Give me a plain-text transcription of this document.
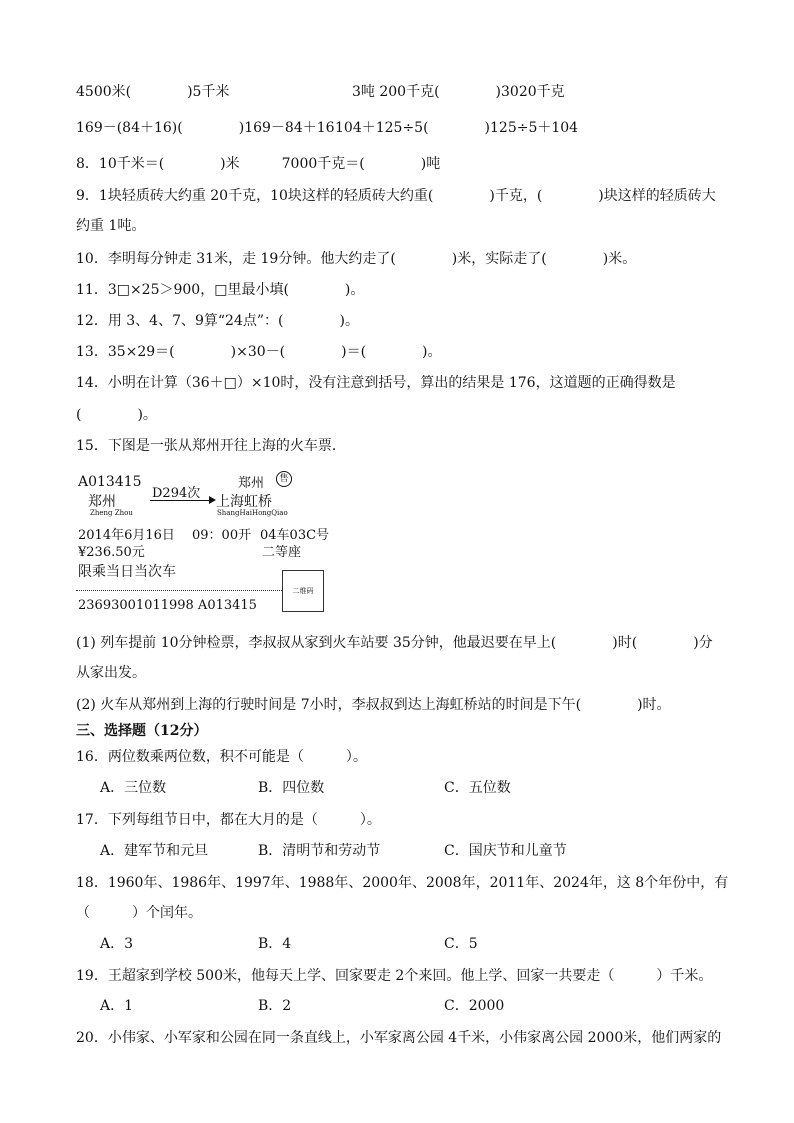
4500米(　　　　)5千米	3吨 200千克(　　　　)3020千克
169－(84＋16)(　　　　)169－84＋16 104＋125÷5(　　　　)125÷5＋104
8．10千米＝(　　　　)米　　　7000千克＝(　　　　)吨
9．1块轻质砖大约重 20千克，10块这样的轻质砖大约重(　　　　)千克，(　　　　)块这样的轻质砖大
约重 1吨。
10．李明每分钟走 31米，走 19分钟。他大约走了(　　　　)米，实际走了(　　　　)米。
11．3□×25＞900，□里最小填(　　　　)。
12．用 3、4、7、9算“24点”：(　　　　)。
13．35×29＝(　　　　)×30－(　　　　)＝(　　　　)。
14．小明在计算（36＋□）×10时，没有注意到括号，算出的结果是 176，这道题的正确得数是
(　　　　)。
15．下图是一张从郑州开往上海的火车票．
A013415
郑州
Zheng Zhou
D294次
郑州
上海虹桥
ShangHaiHongQiao
2014年6月16日 09：00开 04车03C号
¥236.50元	二等座
限乘当日当次车
23693001011998 A013415
售
二维码
(1) 列车提前 10分钟检票，李叔叔从家到火车站要 35分钟，他最迟要在早上(　　　　)时(　　　　)分
从家出发。
(2) 火车从郑州到上海的行驶时间是 7小时，李叔叔到达上海虹桥站的时间是下午(　　　　)时。
三、选择题（12分）
16．两位数乘两位数，积不可能是（　　　）。
A．三位数	B．四位数	C．五位数
17．下列每组节日中，都在大月的是（　　　）。
A．建军节和元旦	B．清明节和劳动节	C．国庆节和儿童节
18．1960年、1986年、1997年、1988年、2000年、2008年，2011年、2024年，这 8个年份中，有
（　　　）个闰年。
A．3	B．4	C．5
19．王超家到学校 500米，他每天上学、回家要走 2个来回。他上学、回家一共要走（　　　）千米。
A．1	B．2	C．2000
20．小伟家、小军家和公园在同一条直线上，小军家离公园 4千米，小伟家离公园 2000米，他们两家的
